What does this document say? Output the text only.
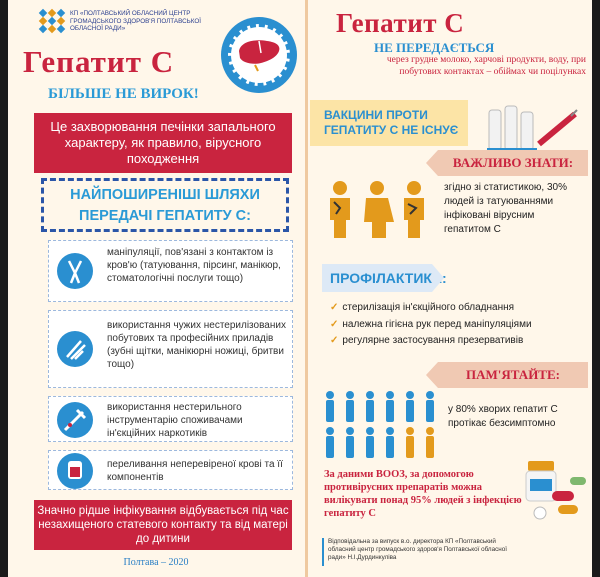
КП «ПОЛТАВСЬКИЙ ОБЛАСНИЙ ЦЕНТР ГРОМАДСЬКОГО ЗДОРОВ'Я ПОЛТАВСЬКОЇ ОБЛАСНОЇ РАДИ»
Гепатит С
БІЛЬШЕ НЕ ВИРОК!
Це захворювання печінки запального характеру, як правило, вірусного походження
НАЙПОШИРЕНІШІ ШЛЯХИ ПЕРЕДАЧІ ГЕПАТИТУ С:
маніпуляції, пов'язані з контактом із кров'ю (татуювання, пірсинг, манікюр, стоматологічні послуги тощо)
використання чужих нестерилізованих побутових та професійних приладів (зубні щітки, манікюрні ножиці, бритви тощо)
використання нестерильного інструментарію споживачами ін'єкційних наркотиків
переливання неперевіреної крові та її компонентів
Значно рідше інфікування відбувається під час незахищеного статевого контакту та від матері до дитини
Полтава – 2020
Гепатит С
НЕ ПЕРЕДАЄТЬСЯ
через грудне молоко, харчові продукти, воду, при побутових контактах – обіймах чи поцілунках
ВАКЦИНИ ПРОТИ ГЕПАТИТУ С НЕ ІСНУЄ
ВАЖЛИВО ЗНАТИ:
згідно зі статистикою, 30% людей із татуюваннями інфіковані вірусним гепатитом С
ПРОФІЛАКТИКА:
✓ стерилізація ін'єкційного обладнання
✓ належна гігієна рук перед маніпуляціями
✓ регулярне застосування презервативів
ПАМ'ЯТАЙТЕ:
у 80% хворих гепатит С протікає безсимптомно
За даними ВООЗ, за допомогою противірусних препаратів можна вилікувати понад 95% людей з інфекцією гепатиту С
Відповідальна за випуск в.о. директора КП «Полтавський обласний центр громадського здоров'я Полтавської обласної ради» Н.І.Дурдинкуліва
